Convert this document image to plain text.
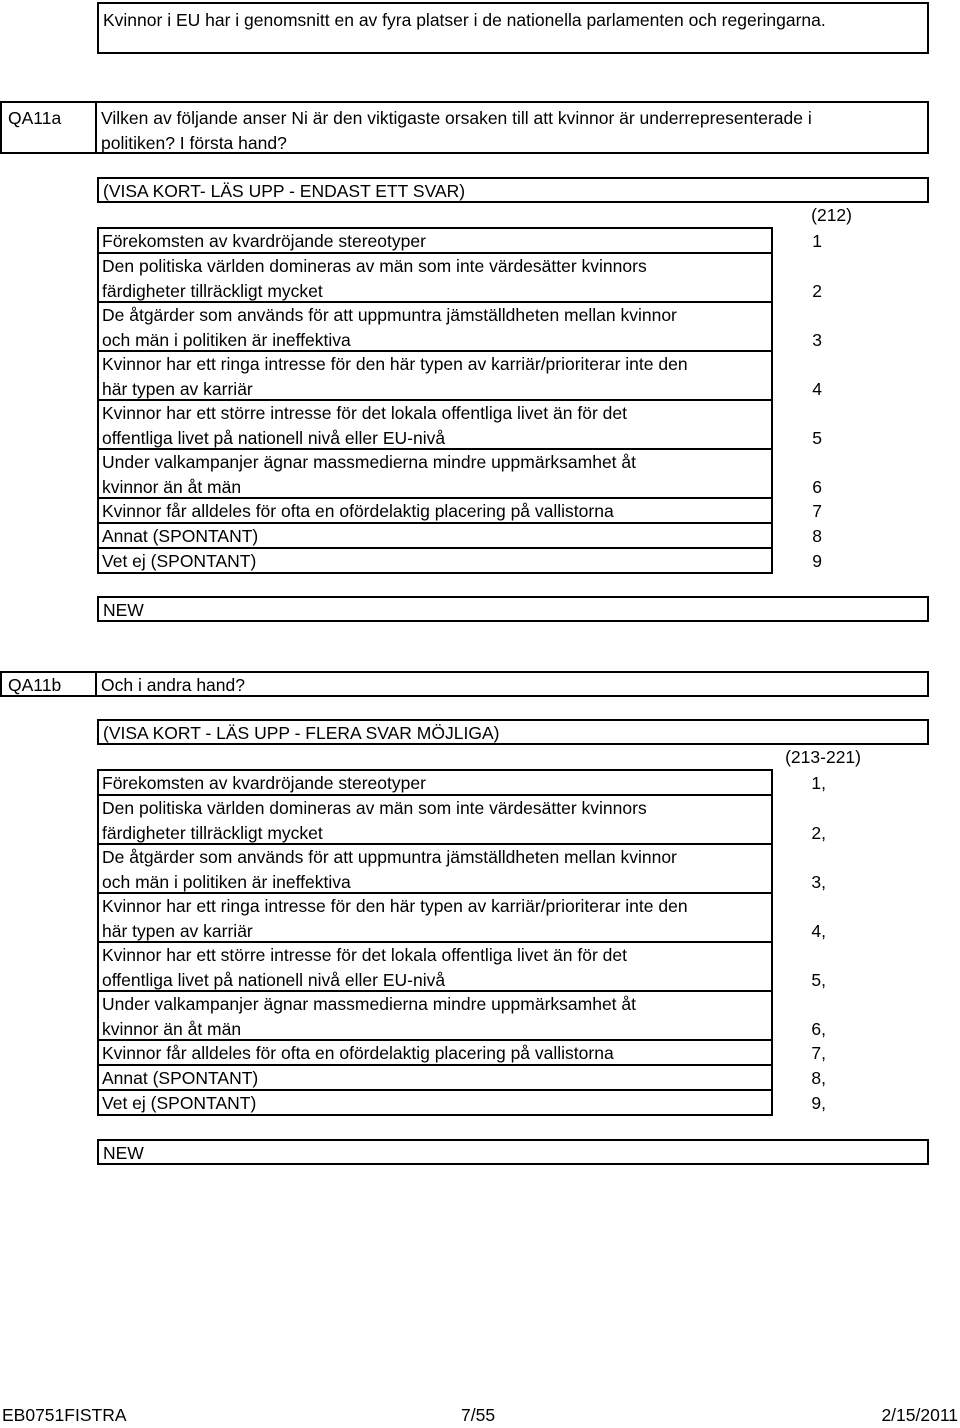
Kvinnor i EU har i genomsnitt en av fyra platser i de nationella parlamenten och regeringarna.
QA11a	Vilken av följande anser Ni är den viktigaste orsaken till att kvinnor är underrepresenterade i
politiken? I första hand?
(VISA KORT- LÄS UPP - ENDAST ETT SVAR)
(212)
Förekomsten av kvardröjande stereotyper	1
Den politiska världen domineras av män som inte värdesätter kvinnors
färdigheter tillräckligt mycket	2
De åtgärder som används för att uppmuntra jämställdheten mellan kvinnor
och män i politiken är ineffektiva	3
Kvinnor har ett ringa intresse för den här typen av karriär/prioriterar inte den
här typen av karriär	4
Kvinnor har ett större intresse för det lokala offentliga livet än för det
offentliga livet på nationell nivå eller EU-nivå	5
Under valkampanjer ägnar massmedierna mindre uppmärksamhet åt
kvinnor än åt män	6
Kvinnor får alldeles för ofta en ofördelaktig placering på vallistorna	7
Annat (SPONTANT)	8
Vet ej (SPONTANT)	9
NEW
QA11b	Och i andra hand?
(VISA KORT - LÄS UPP - FLERA SVAR MÖJLIGA)
(213-221)
Förekomsten av kvardröjande stereotyper	1,
Den politiska världen domineras av män som inte värdesätter kvinnors
färdigheter tillräckligt mycket	2,
De åtgärder som används för att uppmuntra jämställdheten mellan kvinnor
och män i politiken är ineffektiva	3,
Kvinnor har ett ringa intresse för den här typen av karriär/prioriterar inte den
här typen av karriär	4,
Kvinnor har ett större intresse för det lokala offentliga livet än för det
offentliga livet på nationell nivå eller EU-nivå	5,
Under valkampanjer ägnar massmedierna mindre uppmärksamhet åt
kvinnor än åt män	6,
Kvinnor får alldeles för ofta en ofördelaktig placering på vallistorna	7,
Annat (SPONTANT)	8,
Vet ej (SPONTANT)	9,
NEW
EB0751FISTRA	7/55	2/15/2011
